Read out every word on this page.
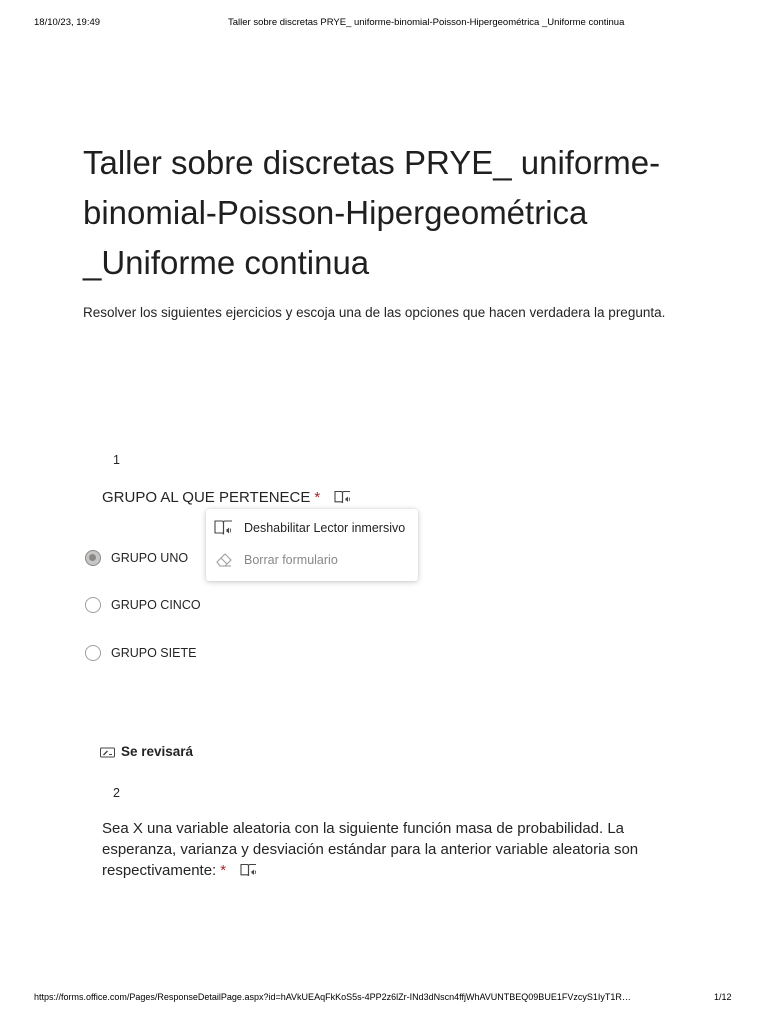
18/10/23, 19:49	Taller sobre discretas PRYE_ uniforme-binomial-Poisson-Hipergeométrica _Uniforme continua
Taller sobre discretas PRYE_ uniforme-binomial-Poisson-Hipergeométrica _Uniforme continua
Resolver los siguientes ejercicios y escoja una de las opciones que hacen verdadera la pregunta.
1
GRUPO AL QUE PERTENECE *
GRUPO UNO
GRUPO CINCO
GRUPO SIETE
Deshabilitar Lector inmersivo
Borrar formulario
Se revisará
2
Sea X una variable aleatoria con la siguiente función masa de probabilidad. La esperanza, varianza y desviación estándar para la anterior variable aleatoria son respectivamente: *
https://forms.office.com/Pages/ResponseDetailPage.aspx?id=hAVkUEAqFkKoS5s-4PP2z6lZr-INd3dNscn4ffjWhAVUNTBEQ09BUE1FVzcyS1IyT1R…	1/12
